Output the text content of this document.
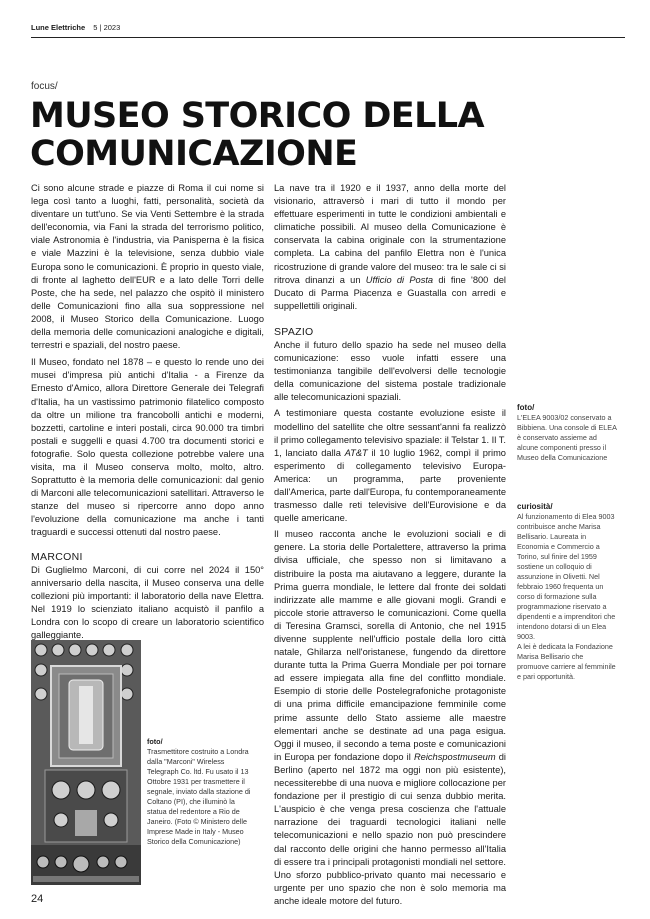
Lune Elettriche 5 | 2023
focus/
MUSEO STORICO DELLA COMUNICAZIONE

Ci sono alcune strade e piazze di Roma il cui nome si lega così tanto a luoghi, fatti, personalità, società da diventare un tutt'uno. Se via Venti Settembre è la strada dell'economia, via Fani la strada del terrorismo politico, viale Astronomia è l'industria, via Panisperna è la fisica e viale Mazzini è la televisione, senza dubbio viale Europa sono le comunicazioni. È proprio in questo viale, di fronte al laghetto dell'EUR e a lato delle Torri delle Poste, che ha sede, nel palazzo che ospitò il ministero delle Comunicazioni fino alla sua soppressione nel 2008, il Museo Storico della Comunicazione. Luogo della memoria delle comunicazioni analogiche e digitali, terrestri e spaziali, del nostro paese.

Il Museo, fondato nel 1878 – e questo lo rende uno dei musei d'impresa più antichi d'Italia - a Firenze da Ernesto d'Amico, allora Direttore Generale dei Telegrafi d'Italia, ha un vastissimo patrimonio filatelico composto da oltre un milione tra francobolli antichi e moderni, bozzetti, cartoline e interi postali, circa 90.000 tra timbri postali e suggelli e quasi 4.700 tra documenti storici e fotografie. Solo questa collezione potrebbe valere una visita, ma il Museo conserva molto, molto, altro. Soprattutto è la memoria delle comunicazioni: dal genio di Marconi alle telecomunicazioni satellitari. Attraverso le stanze del museo si ripercorre anno dopo anno l'evoluzione della comunicazione ma anche i tanti traguardi e successi ottenuti dal nostro paese.

MARCONI

Di Guglielmo Marconi, di cui corre nel 2024 il 150° anniversario della nascita, il Museo conserva una delle collezioni più importanti: il laboratorio della nave Elettra. Nel 1919 lo scienziato italiano acquistò il panfilo a Londra con lo scopo di creare un laboratorio scientifico galleggiante.

foto/
Trasmettitore costruito a Londra dalla "Marconi" Wireless Telegraph Co. ltd. Fu usato il 13 Ottobre 1931 per trasmettere il segnale, inviato dalla stazione di Coltano (PI), che illuminò la statua del redentore a Rio de Janeiro. (Foto © Ministero delle Imprese Made in Italy - Museo Storico della Comunicazione)

La nave tra il 1920 e il 1937, anno della morte del visionario, attraversò i mari di tutto il mondo per effettuare esperimenti in tutte le condizioni ambientali e climatiche possibili. Al museo della Comunicazione è conservata la cabina originale con la strumentazione completa. La cabina del panfilo Elettra non è l'unica ricostruzione di grande valore del museo: tra le sale ci si ritrova dinanzi a un Ufficio di Posta di fine '800 del Ducato di Parma Piacenza e Guastalla con arredi e suppellettili originali.

SPAZIO

Anche il futuro dello spazio ha sede nel museo della comunicazione: esso vuole infatti essere una testimonianza tangibile dell'evolversi delle tecnologie della comunicazione del sistema postale tradizionale alle telecomunicazioni spaziali.

A testimoniare questa costante evoluzione esiste il modellino del satellite che oltre sessant'anni fa realizzò il primo collegamento televisivo spaziale: il Telstar 1. Il T. 1, lanciato dalla AT&T il 10 luglio 1962, compì il primo esperimento di collegamento televisivo Europa-America: un programma, parte proveniente dall'America, parte dall'Europa, fu contemporaneamente trasmesso dalle reti televisive dell'Eurovisione e da quelle americane.

Il museo racconta anche le evoluzioni sociali e di genere. La storia delle Portalettere, attraverso la prima divisa ufficiale, che spesso non si limitavano a distribuire la posta ma aiutavano a leggere, durante la Prima guerra mondiale, le lettere dal fronte dei soldati indirizzate alle mamme e alle giovani mogli. Grandi e piccole storie attraverso le comunicazioni. Come quella di Teresina Gramsci, sorella di Antonio, che nel 1915 divenne supplente nell'ufficio postale della loro città natale, Ghilarza nell'oristanese, fungendo da direttore durante tutta la Prima Guerra Mondiale per poi tornare ad essere impiegata alla fine del conflitto mondiale. Esempio di storie delle Postelegrafoniche protagoniste di una prima difficile emancipazione femminile come prime assunte dello Stato assieme alle maestre elementari anche se destinate ad una paga esigua. Oggi il museo, il secondo a tema poste e comunicazioni in Europa per fondazione dopo il Reichspostmuseum di Berlino (aperto nel 1872 ma oggi non più esistente), necessiterebbe di una nuova e migliore collocazione per fondazione per il prestigio di cui senza dubbio merita. L'auspicio è che venga presa coscienza che l'attuale narrazione dei traguardi tecnologici italiani nelle telecomunicazioni e nello spazio non può prescindere dal racconto delle origini che hanno permesso all'Italia di essere tra i principali protagonisti mondiali nel settore. Uno sforzo pubblico-privato quanto mai necessario e urgente per uno spazio che non è solo memoria ma anche ideale motore del futuro.

foto/
L'ELEA 9003/02 conservato a Bibbiena. Una console di ELEA è conservato assieme ad alcune componenti presso il Museo della Comunicazione
curiosità/
Al funzionamento di Elea 9003 contribuisce anche Marisa Bellisario. Laureata in Economia e Commercio a Torino, sul finire del 1959 sostiene un colloquio di assunzione in Olivetti. Nel febbraio 1960 frequenta un corso di formazione sulla programmazione riservato a dipendenti e a imprenditori che intendono dotarsi di un Elea 9003.
A lei è dedicata la Fondazione Marisa Bellisario che promuove carriere al femminile e pari opportunità.
24
